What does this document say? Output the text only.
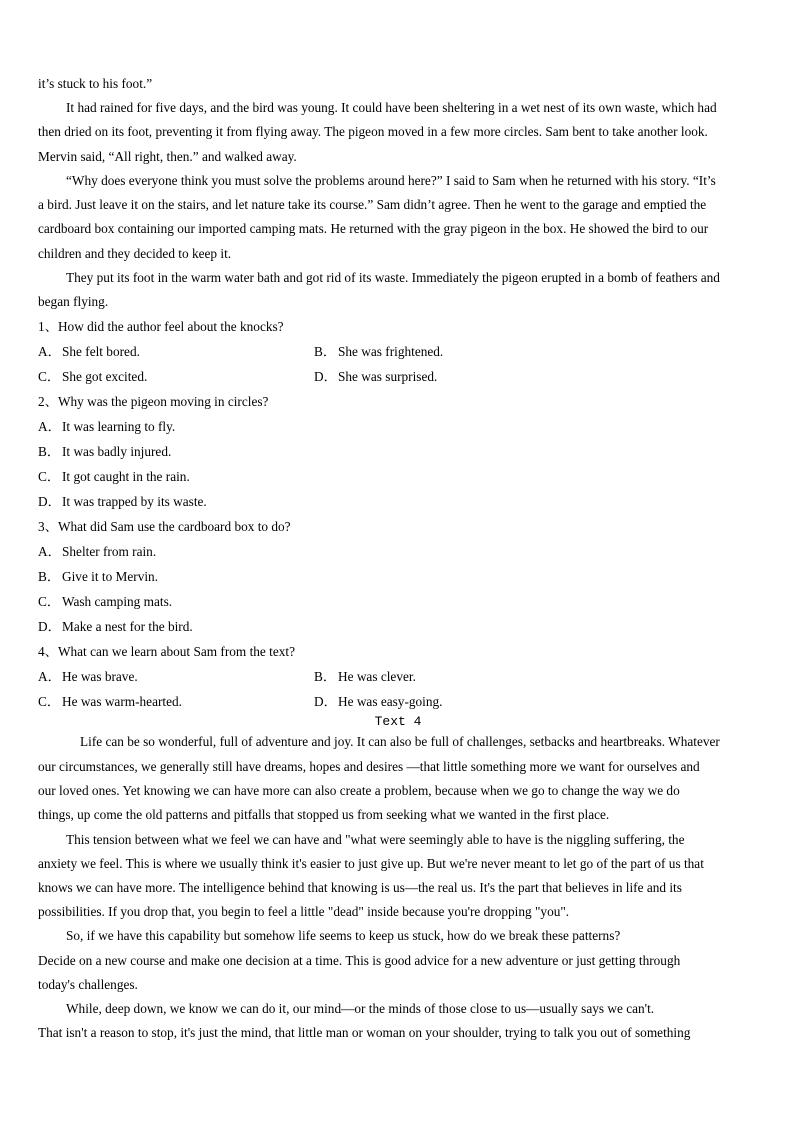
it’s stuck to his foot.”
It had rained for five days, and the bird was young. It could have been sheltering in a wet nest of its own waste, which had
then dried on its foot, preventing it from flying away. The pigeon moved in a few more circles. Sam bent to take another look.
Mervin said, “All right, then.” and walked away.
“Why does everyone think you must solve the problems around here?” I said to Sam when he returned with his story. “It’s
a bird. Just leave it on the stairs, and let nature take its course.” Sam didn’t agree. Then he went to the garage and emptied the
cardboard box containing our imported camping mats. He returned with the gray pigeon in the box. He showed the bird to our
children and they decided to keep it.
They put its foot in the warm water bath and got rid of its waste. Immediately the pigeon erupted in a bomb of feathers and
began flying.
1、How did the author feel about the knocks?
A．She felt bored.	B． She was frightened.
C． She got excited.	D．She was surprised.
2、Why was the pigeon moving in circles?
A．It was learning to fly.
B． It was badly injured.
C． It got caught in the rain.
D．It was trapped by its waste.
3、What did Sam use the cardboard box to do?
A．Shelter from rain.
B． Give it to Mervin.
C． Wash camping mats.
D．Make a nest for the bird.
4、What can we learn about Sam from the text?
A．He was brave.	B． He was clever.
C． He was warm-hearted.	D．He was easy-going.
Text 4
Life can be so wonderful, full of adventure and joy. It can also be full of challenges, setbacks and heartbreaks. Whatever
our circumstances, we generally still have dreams, hopes and desires —that little something more we want for ourselves and
our loved ones. Yet knowing we can have more can also create a problem, because when we go to change the way we do
things, up come the old patterns and pitfalls that stopped us from seeking what we wanted in the first place.
This tension between what we feel we can have and "what were seemingly able to have is the niggling suffering, the
anxiety we feel. This is where we usually think it's easier to just give up. But we're never meant to let go of the part of us that
knows we can have more. The intelligence behind that knowing is us—the real us. It's the part that believes in life and its
possibilities. If you drop that, you begin to feel a little "dead" inside because you're dropping "you".
So, if we have this capability but somehow life seems to keep us stuck, how do we break these patterns?
Decide on a new course and make one decision at a time. This is good advice for a new adventure or just getting through
today's challenges.
While, deep down, we know we can do it, our mind—or the minds of those close to us—usually says we can't.
That isn't a reason to stop, it's just the mind, that little man or woman on your shoulder, trying to talk you out of something
